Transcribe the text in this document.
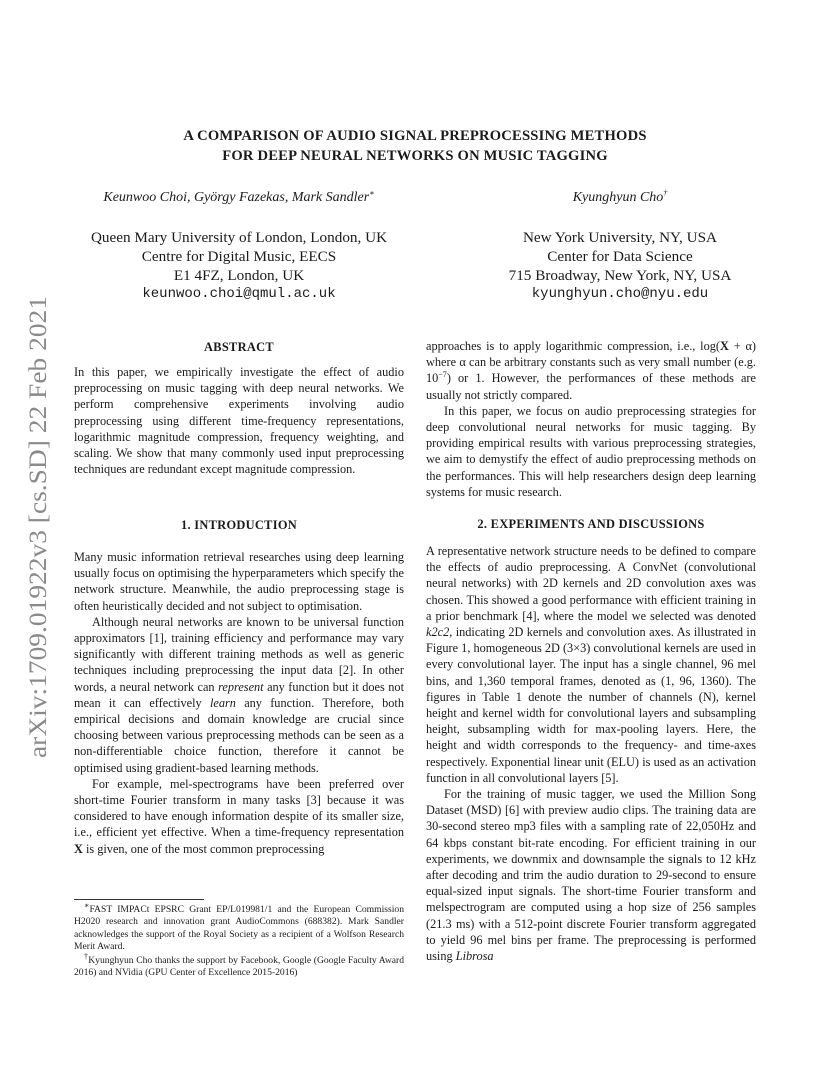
arXiv:1709.01922v3 [cs.SD] 22 Feb 2021
A COMPARISON OF AUDIO SIGNAL PREPROCESSING METHODS
FOR DEEP NEURAL NETWORKS ON MUSIC TAGGING
Keunwoo Choi, György Fazekas, Mark Sandler∗
Queen Mary University of London, London, UK
Centre for Digital Music, EECS
E1 4FZ, London, UK
keunwoo.choi@qmul.ac.uk
Kyunghyun Cho†
New York University, NY, USA
Center for Data Science
715 Broadway, New York, NY, USA
kyunghyun.cho@nyu.edu
ABSTRACT

In this paper, we empirically investigate the effect of audio preprocessing on music tagging with deep neural networks. We perform comprehensive experiments involving audio preprocessing using different time-frequency representations, logarithmic magnitude compression, frequency weighting, and scaling. We show that many commonly used input preprocessing techniques are redundant except magnitude compression.

1. INTRODUCTION

Many music information retrieval researches using deep learning usually focus on optimising the hyperparameters which specify the network structure. Meanwhile, the audio preprocessing stage is often heuristically decided and not subject to optimisation.

Although neural networks are known to be universal function approximators [1], training efficiency and performance may vary significantly with different training methods as well as generic techniques including preprocessing the input data [2]. In other words, a neural network can represent any function but it does not mean it can effectively learn any function. Therefore, both empirical decisions and domain knowledge are crucial since choosing between various preprocessing methods can be seen as a non-differentiable choice function, therefore it cannot be optimised using gradient-based learning methods.

For example, mel-spectrograms have been preferred over short-time Fourier transform in many tasks [3] because it was considered to have enough information despite of its smaller size, i.e., efficient yet effective. When a time-frequency representation X is given, one of the most common preprocessing

∗FAST IMPACt EPSRC Grant EP/L019981/1 and the European Commission H2020 research and innovation grant AudioCommons (688382). Mark Sandler acknowledges the support of the Royal Society as a recipient of a Wolfson Research Merit Award.

†Kyunghyun Cho thanks the support by Facebook, Google (Google Faculty Award 2016) and NVidia (GPU Center of Excellence 2015-2016)

approaches is to apply logarithmic compression, i.e., log(X + α) where α can be arbitrary constants such as very small number (e.g. $10^{-7}$) or 1. However, the performances of these methods are usually not strictly compared.

In this paper, we focus on audio preprocessing strategies for deep convolutional neural networks for music tagging. By providing empirical results with various preprocessing strategies, we aim to demystify the effect of audio preprocessing methods on the performances. This will help researchers design deep learning systems for music research.

2. EXPERIMENTS AND DISCUSSIONS

A representative network structure needs to be defined to compare the effects of audio preprocessing. A ConvNet (convolutional neural networks) with 2D kernels and 2D convolution axes was chosen. This showed a good performance with efficient training in a prior benchmark [4], where the model we selected was denoted k2c2, indicating 2D kernels and convolution axes. As illustrated in Figure 1, homogeneous 2D (3×3) convolutional kernels are used in every convolutional layer. The input has a single channel, 96 mel bins, and 1,360 temporal frames, denoted as (1, 96, 1360). The figures in Table 1 denote the number of channels (N), kernel height and kernel width for convolutional layers and subsampling height, subsampling width for max-pooling layers. Here, the height and width corresponds to the frequency- and time-axes respectively. Exponential linear unit (ELU) is used as an activation function in all convolutional layers [5].

For the training of music tagger, we used the Million Song Dataset (MSD) [6] with preview audio clips. The training data are 30-second stereo mp3 files with a sampling rate of 22,050Hz and 64 kbps constant bit-rate encoding. For efficient training in our experiments, we downmix and downsample the signals to 12 kHz after decoding and trim the audio duration to 29-second to ensure equal-sized input signals. The short-time Fourier transform and melspectrogram are computed using a hop size of 256 samples (21.3 ms) with a 512-point discrete Fourier transform aggregated to yield 96 mel bins per frame. The preprocessing is performed using Librosa
